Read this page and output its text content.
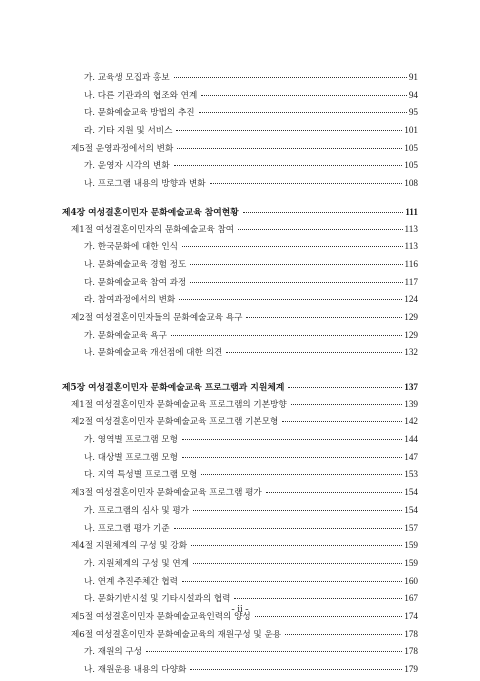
가. 교육생 모집과 홍보	91
나. 다른 기관과의 협조와 연계	94
다. 문화예술교육 방법의 추진	95
라. 기타 지원 및 서비스	101
제5절 운영과정에서의 변화	105
가. 운영자 시각의 변화	105
나. 프로그램 내용의 방향과 변화	108
제4장 여성결혼이민자 문화예술교육 참여현황	111
제1절 여성결혼이민자의 문화예술교육 참여	113
가. 한국문화에 대한 인식	113
나. 문화예술교육 경험 정도	116
다. 문화예술교육 참여 과정	117
라. 참여과정에서의 변화	124
제2절 여성결혼이민자들의 문화예술교육 욕구	129
가. 문화예술교육 욕구	129
나. 문화예술교육 개선점에 대한 의견	132
제5장 여성결혼이민자 문화예술교육 프로그램과 지원체계	137
제1절 여성결혼이민자 문화예술교육 프로그램의 기본방향	139
제2절 여성결혼이민자 문화예술교육 프로그램 기본모형	142
가. 영역별 프로그램 모형	144
나. 대상별 프로그램 모형	147
다. 지역 특성별 프로그램 모형	153
제3절 여성결혼이민자 문화예술교육 프로그램 평가	154
가. 프로그램의 심사 및 평가	154
나. 프로그램 평가 기준	157
제4절 지원체계의 구성 및 강화	159
가. 지원체계의 구성 및 연계	159
나. 연계 추진주체간 협력	160
다. 문화기반시설 및 기타시설과의 협력	167
제5절 여성결혼이민자 문화예술교육인력의 양성	174
제6절 여성결혼이민자 문화예술교육의 재원구성 및 운용	178
가. 재원의 구성	178
나. 재원운용 내용의 다양화	179
- ii -
